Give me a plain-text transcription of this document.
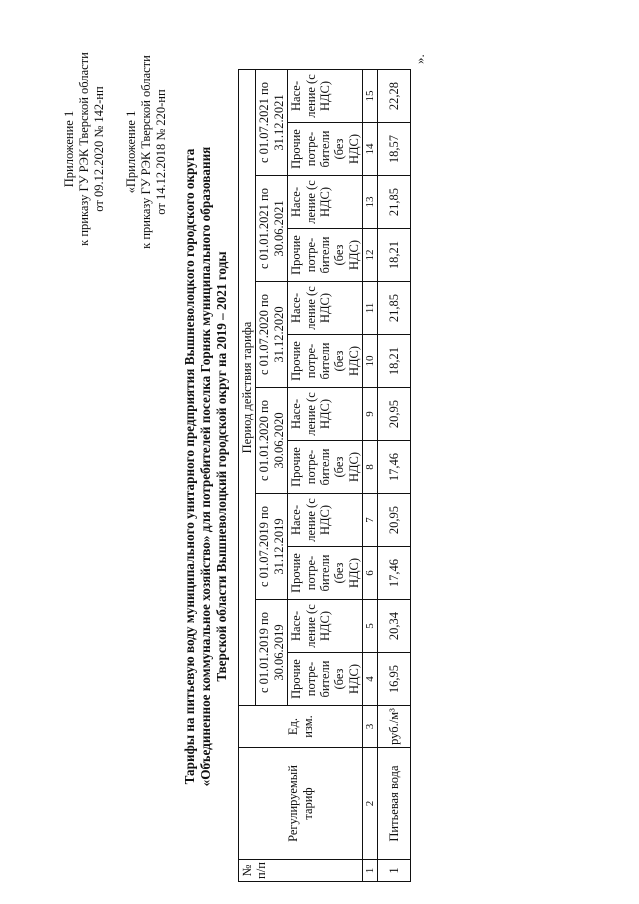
Приложение 1 к приказу ГУ РЭК Тверской области от 09.12.2020 № 142-нп «Приложение 1 к приказу ГУ РЭК Тверской области от 14.12.2018 № 220-нп Тарифы на питьевую воду муниципального унитарного предприятия Вышневолоцкого городского округа «Объединенное коммунальное хозяйство» для потребителей поселка Горняк муниципального образования Тверской области Вышневолоцкий городской округ на 2019 – 2021 годы
№ п/п	Регулируемый тариф	Ед. изм.	Период действия тарифа											
			с 01.01.2019 по 30.06.2019		с 01.07.2019 по 31.12.2019		с 01.01.2020 по 30.06.2020		с 01.07.2020 по 31.12.2020		с 01.01.2021 по 30.06.2021		с 01.07.2021 по 31.12.2021	
			Прочие потре-бители (без НДС)	Насе-ление (с НДС)	Прочие потре-бители (без НДС)	Насе-ление (с НДС)	Прочие потре-бители (без НДС)	Насе-ление (с НДС)	Прочие потре-бители (без НДС)	Насе-ление (с НДС)	Прочие потре-бители (без НДС)	Насе-ление (с НДС)	Прочие потре-бители (без НДС)	Насе-ление (с НДС)
1	2	3	4	5	6	7	8	9	10	11	12	13	14	15
1	Питьевая вода	руб./м³	16,95	20,34	17,46	20,95	17,46	20,95	18,21	21,85	18,21	21,85	18,57	22,28
».
